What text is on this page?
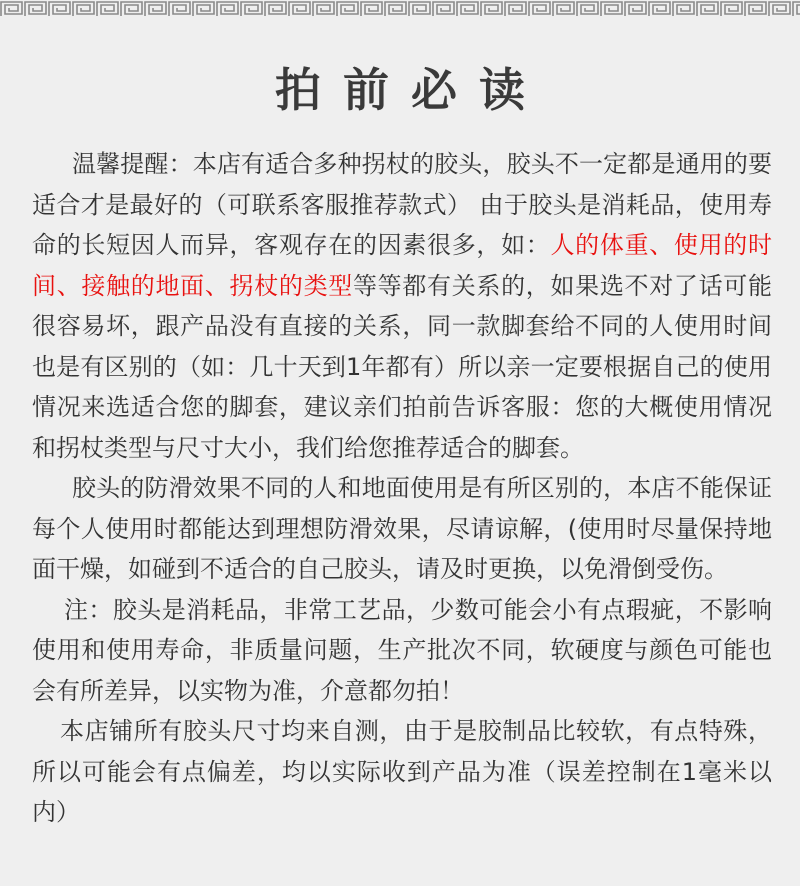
拍前必读

温馨提醒：本店有适合多种拐杖的胶头，胶头不一定都是通用的要适合才是最好的（可联系客服推荐款式） 由于胶头是消耗品，使用寿命的长短因人而异，客观存在的因素很多，如：人的体重、使用的时间、接触的地面、拐杖的类型等等都有关系的，如果选不对了话可能很容易坏，跟产品没有直接的关系，同一款脚套给不同的人使用时间也是有区别的（如：几十天到1年都有）所以亲一定要根据自己的使用情况来选适合您的脚套，建议亲们拍前告诉客服：您的大概使用情况和拐杖类型与尺寸大小，我们给您推荐适合的脚套。

胶头的防滑效果不同的人和地面使用是有所区别的，本店不能保证每个人使用时都能达到理想防滑效果，尽请谅解，(使用时尽量保持地面干燥，如碰到不适合的自己胶头，请及时更换，以免滑倒受伤。

注：胶头是消耗品，非常工艺品，少数可能会小有点瑕疵，不影响使用和使用寿命，非质量问题，生产批次不同，软硬度与颜色可能也会有所差异，以实物为准，介意都勿拍！

本店铺所有胶头尺寸均来自测，由于是胶制品比较软，有点特殊，所以可能会有点偏差，均以实际收到产品为准（误差控制在1毫米以内）
